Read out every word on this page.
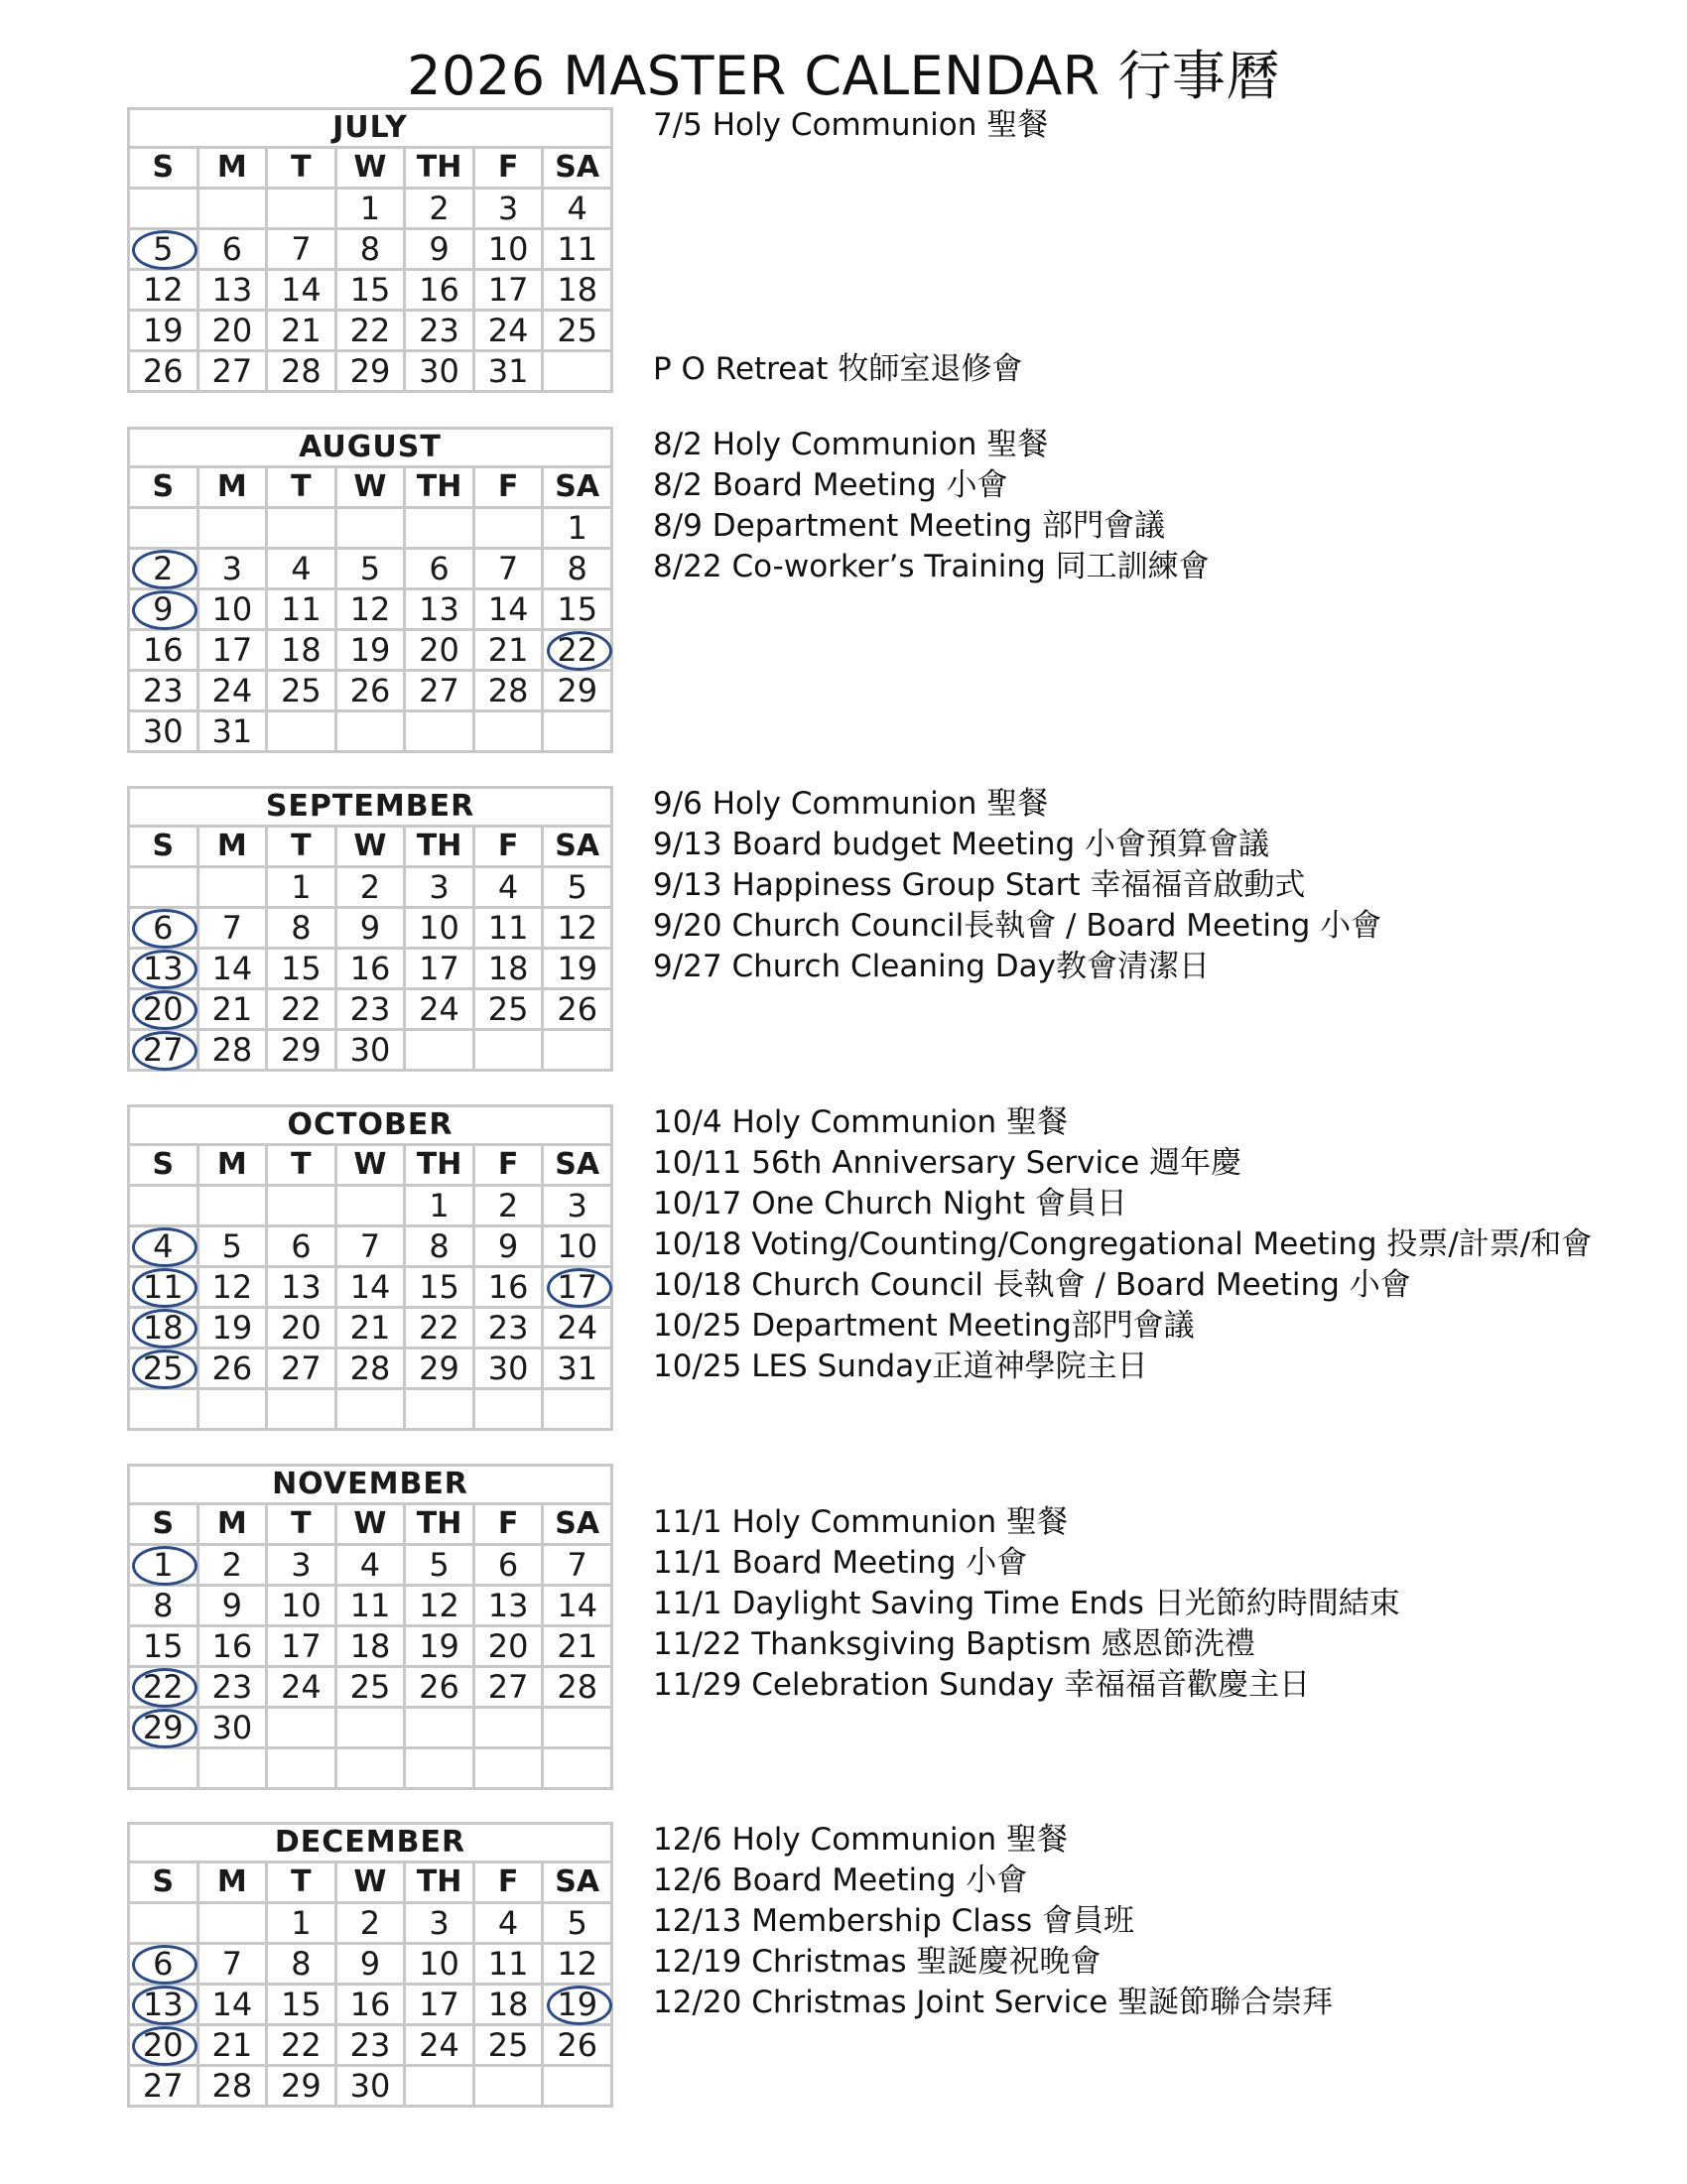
2026 MASTER CALENDAR 行事曆
JULY						
S	M	T	W	TH	F	SA
			1	2	3	4
5	6	7	8	9	10	11
12	13	14	15	16	17	18
19	20	21	22	23	24	25
26	27	28	29	30	31	
7/5 Holy Communion 聖餐

P O Retreat 牧師室退修會
AUGUST						
S	M	T	W	TH	F	SA
						1
2	3	4	5	6	7	8
9	10	11	12	13	14	15
16	17	18	19	20	21	22
23	24	25	26	27	28	29
30	31					
8/2 Holy Communion 聖餐
8/2 Board Meeting 小會
8/9 Department Meeting 部門會議
8/22 Co-worker’s Training 同工訓練會
SEPTEMBER						
S	M	T	W	TH	F	SA
		1	2	3	4	5
6	7	8	9	10	11	12
13	14	15	16	17	18	19
20	21	22	23	24	25	26
27	28	29	30			
9/6 Holy Communion 聖餐
9/13 Board budget Meeting 小會預算會議
9/13 Happiness Group Start 幸福福音啟動式
9/20 Church Council長執會 / Board Meeting 小會
9/27 Church Cleaning Day教會清潔日
OCTOBER						
S	M	T	W	TH	F	SA
				1	2	3
4	5	6	7	8	9	10
11	12	13	14	15	16	17
18	19	20	21	22	23	24
25	26	27	28	29	30	31

10/4 Holy Communion 聖餐
10/11 56th Anniversary Service 週年慶
10/17 One Church Night 會員日
10/18 Voting/Counting/Congregational Meeting 投票/計票/和會
10/18 Church Council 長執會 / Board Meeting 小會
10/25 Department Meeting部門會議
10/25 LES Sunday正道神學院主日
NOVEMBER						
S	M	T	W	TH	F	SA
1	2	3	4	5	6	7
8	9	10	11	12	13	14
15	16	17	18	19	20	21
22	23	24	25	26	27	28
29	30					

11/1 Holy Communion 聖餐
11/1 Board Meeting 小會
11/1 Daylight Saving Time Ends 日光節約時間結束
11/22 Thanksgiving Baptism 感恩節洗禮
11/29 Celebration Sunday 幸福福音歡慶主日
DECEMBER						
S	M	T	W	TH	F	SA
		1	2	3	4	5
6	7	8	9	10	11	12
13	14	15	16	17	18	19
20	21	22	23	24	25	26
27	28	29	30			
12/6 Holy Communion 聖餐
12/6 Board Meeting 小會
12/13 Membership Class 會員班
12/19 Christmas 聖誕慶祝晚會
12/20 Christmas Joint Service 聖誕節聯合崇拜
